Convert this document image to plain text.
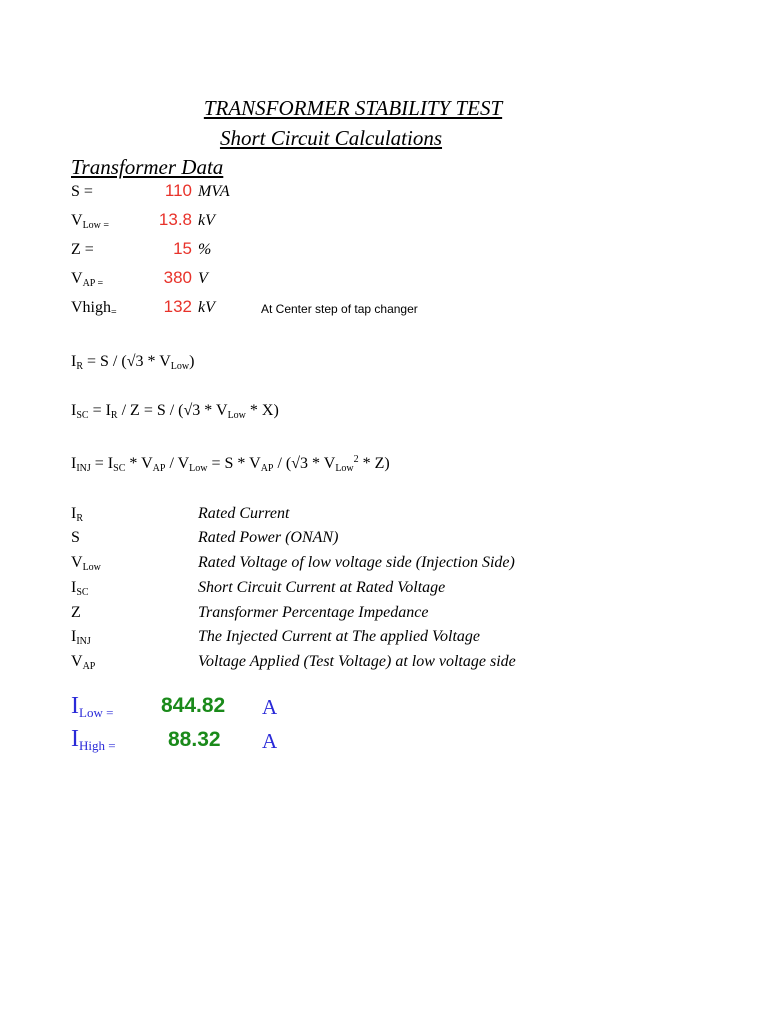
TRANSFORMER STABILITY TEST
Short Circuit Calculations
Transformer Data
S =	110 MVA
$V_{Low =}$	13.8 kV
Z =	15 %
$V_{AP =}$	380 V
Vhigh$_=$	132 kV	At Center step of tap changer
$I_R = S / (√3 * V_{Low})$
$I_{SC} = I_R / Z = S / (√3 * V_{Low} * X)$
$I_{INJ} = I_{SC} * V_{AP} / V_{Low} = S * V_{AP} / (√3 * V_{Low}^2 * Z)$
$I_R$	Rated Current
S	Rated Power (ONAN)
$V_{Low}$	Rated Voltage of low voltage side (Injection Side)
$I_{SC}$	Short Circuit Current at Rated Voltage
Z	Transformer Percentage Impedance
$I_{INJ}$	The Injected Current at The applied Voltage
$V_{AP}$	Voltage Applied (Test Voltage) at low voltage side
$I_{Low =}$ 844.82 A
$I_{High =}$ 88.32 A
